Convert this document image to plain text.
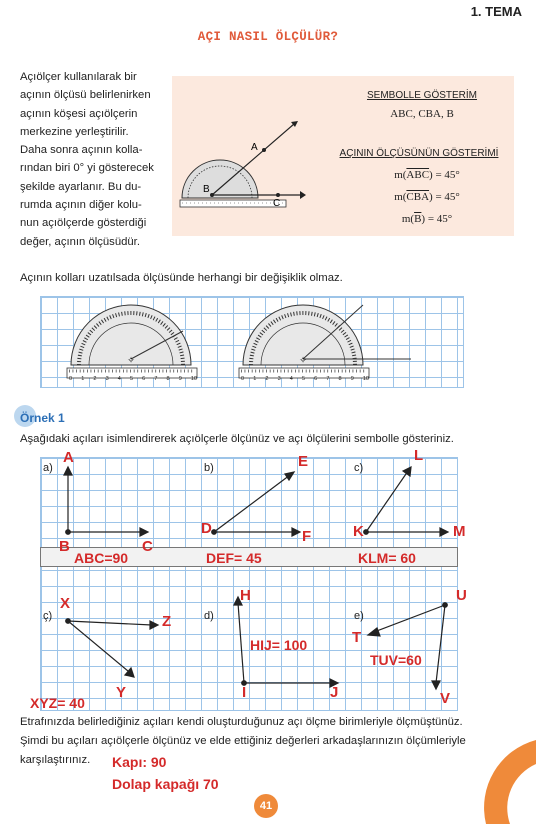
1. TEMA
AÇI NASIL ÖLÇÜLÜR?
Açıölçer kullanılarak bir
açının ölçüsü belirlenirken
açının köşesi açıölçerin
merkezine yerleştirilir.
Daha sonra açının kolla-
rından biri 0° yi gösterecek
şekilde ayarlanır. Bu du-
rumda açının diğer kolu-
nun açıölçerde gösterdiği
değer, açının ölçüsüdür.
B
A
C
SEMBOLLE GÖSTERİM
ABC, CBA, B
AÇININ ÖLÇÜSÜNÜN GÖSTERİMİ
$m(\overline{ABC}) = 45^\circ$
$m(\overline{CBA}) = 45^\circ$
$m(\overline{B}) = 45^\circ$
Açının kolları uzatılsada ölçüsünde herhangi bir değişiklik olmaz.
✧	✧
0 1 2 3 4 5 6 7 8 9 10	0 1 2 3 4 5 6 7 8 9 10
Örnek 1
Aşağıdaki açıları isimlendirerek açıölçerle ölçünüz ve açı ölçülerini sembolle gösteriniz.
a)	b)	c)
ç)	d)	e)
A
B	C
D
E
F	K
L
M
ABC=90	DEF= 45	KLM= 60
X
Z
Y
XYZ= 40
H
HIJ= 100
I	J
U
T
TUV=60
V
Etrafınızda belirlediğiniz açıları kendi oluşturduğunuz açı ölçme birimleriyle ölçmüştünüz.
Şimdi bu açıları açıölçerle ölçünüz ve elde ettiğiniz değerleri arkadaşlarınızın ölçümleriyle
karşılaştırınız.	Kapı: 90
Dolap kapağı 70
41
